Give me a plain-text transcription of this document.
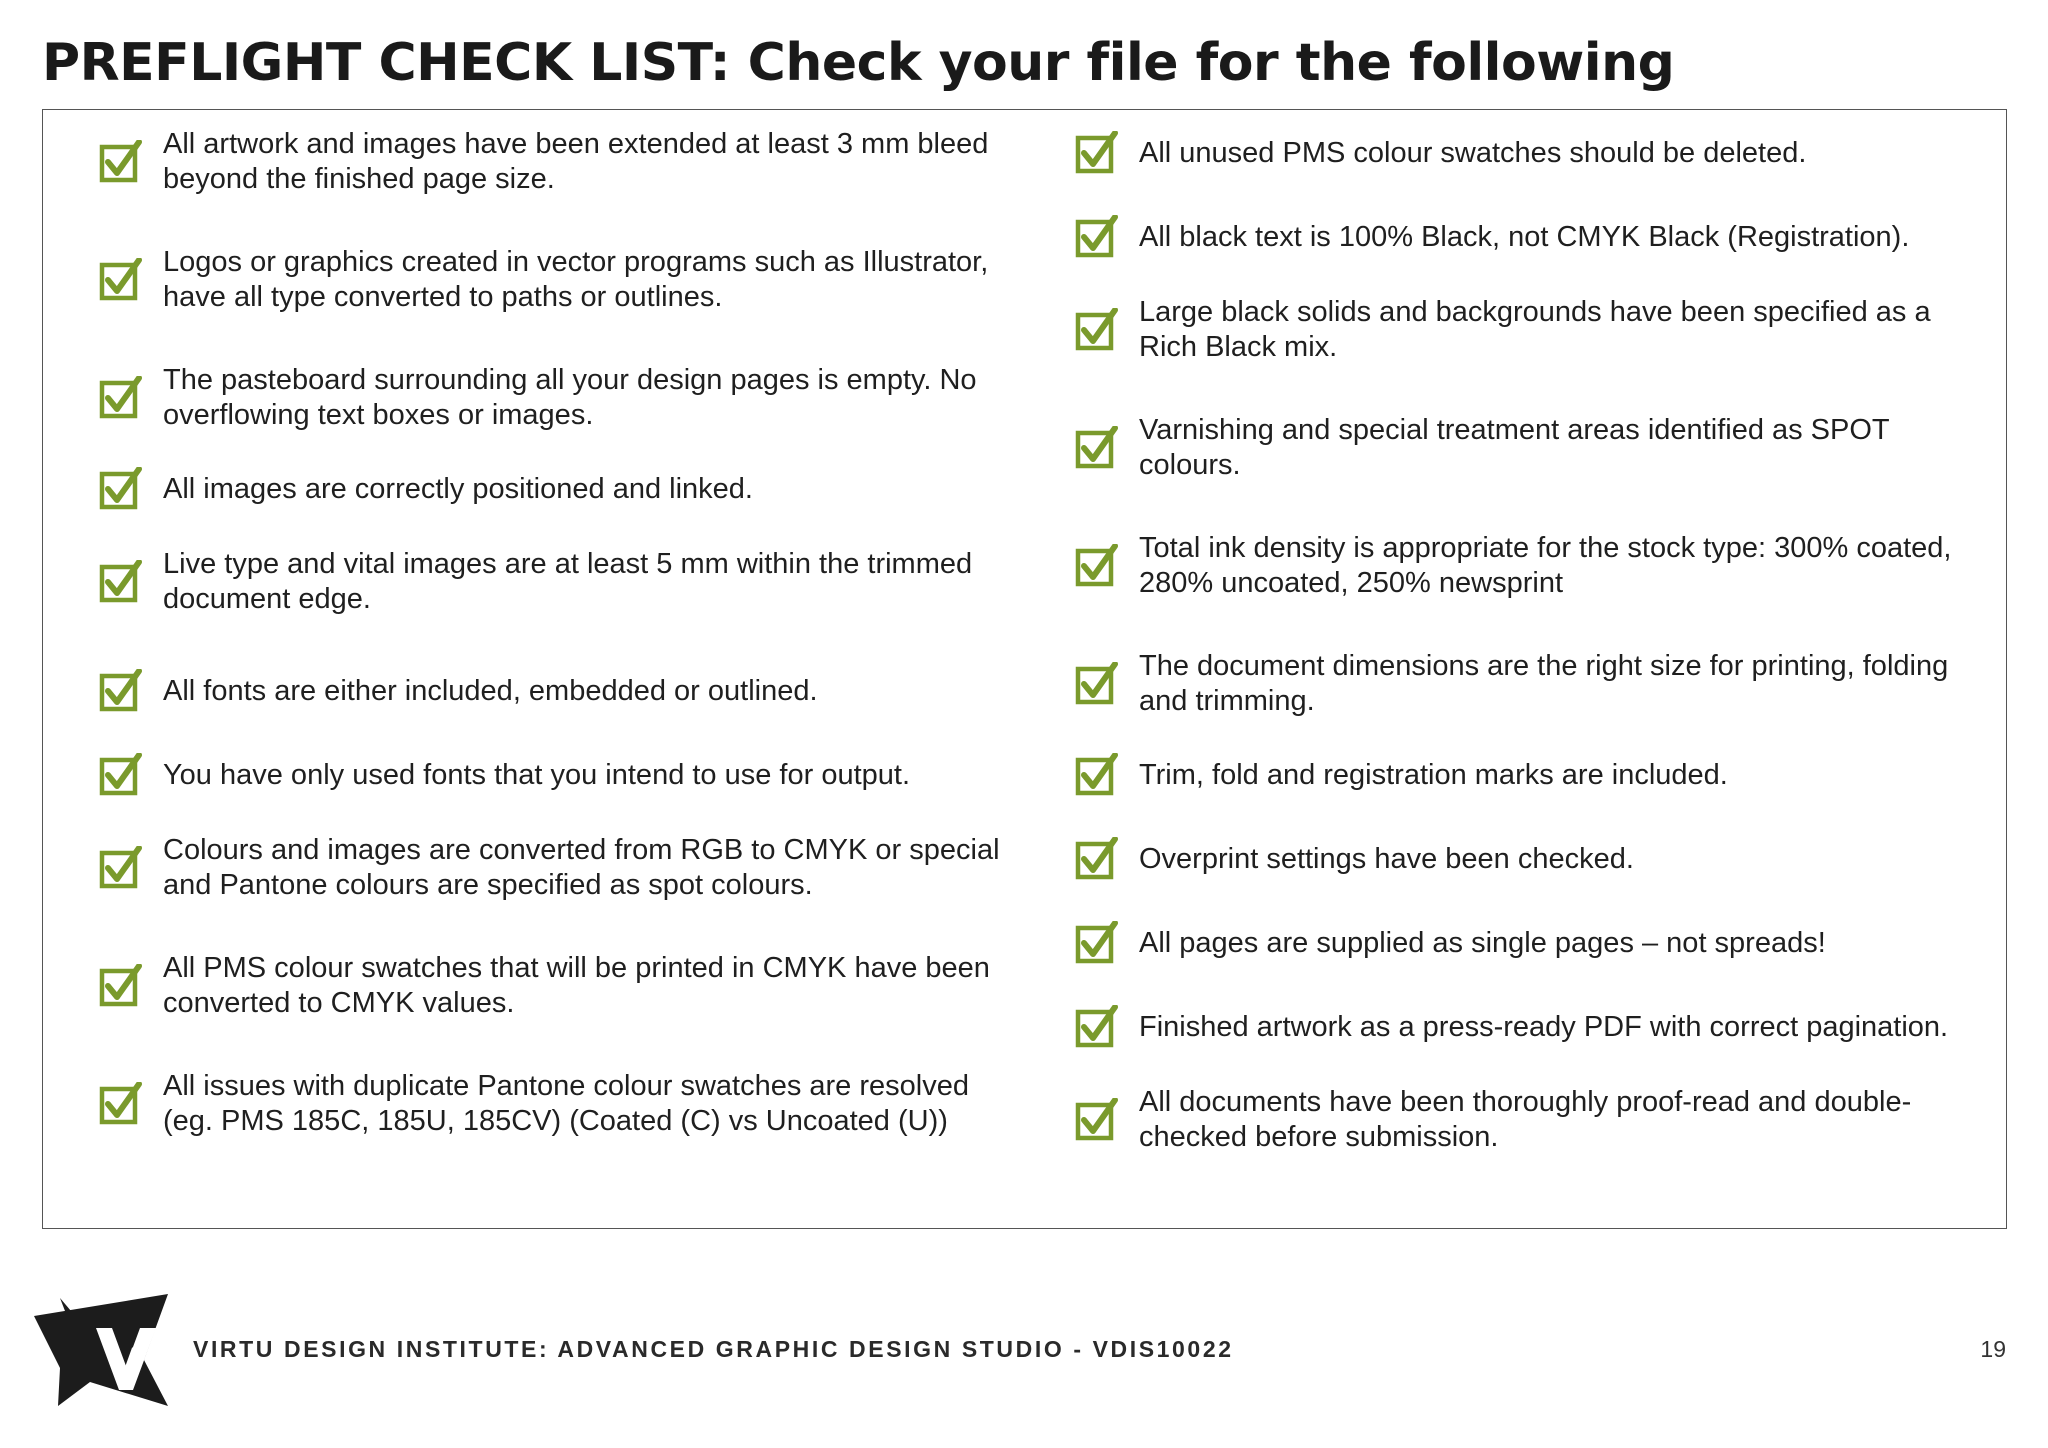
PREFLIGHT CHECK LIST: Check your file for the following
All artwork and images have been extended at least 3 mm bleed beyond the finished page size.
Logos or graphics created in vector programs such as Illustrator, have all type converted to paths or outlines.
The pasteboard surrounding all your design pages is empty. No overflowing text boxes or images.
All images are correctly positioned and linked.
Live type and vital images are at least 5 mm within the trimmed document edge.
All fonts are either included, embedded or outlined.
You have only used fonts that you intend to use for output.
Colours and images are converted from RGB to CMYK or special and Pantone colours are specified as spot colours.
All PMS colour swatches that will be printed in CMYK have been converted to CMYK values.
All issues with duplicate Pantone colour swatches are resolved (eg. PMS 185C, 185U, 185CV) (Coated (C) vs Uncoated (U))
All unused PMS colour swatches should be deleted.
All black text is 100% Black, not CMYK Black (Registration).
Large black solids and backgrounds have been specified as a Rich Black mix.
Varnishing and special treatment areas identified as SPOT colours.
Total ink density is appropriate for the stock type: 300% coated, 280% uncoated, 250% newsprint
The document dimensions are the right size for printing, folding and trimming.
Trim, fold and registration marks are included.
Overprint settings have been checked.
All pages are supplied as single pages – not spreads!
Finished artwork as a press-ready PDF with correct pagination.
All documents have been thoroughly proof-read and double-checked before submission.
V VIRTU DESIGN INSTITUTE: ADVANCED GRAPHIC DESIGN STUDIO - VDIS10022	19
